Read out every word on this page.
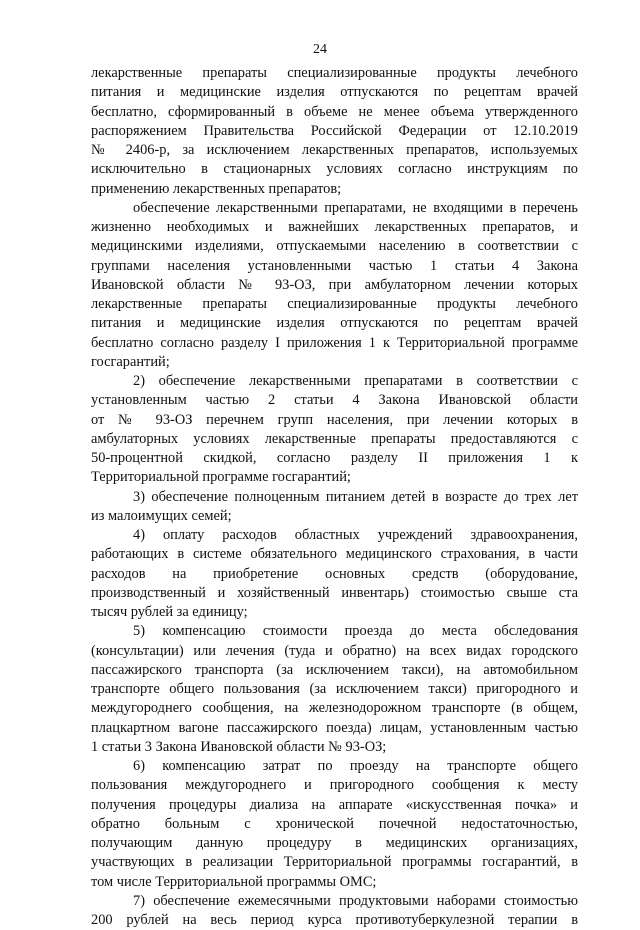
24
лекарственные препараты специализированные продукты лечебного
питания и медицинские изделия отпускаются по рецептам врачей
бесплатно, сформированный в объеме не менее объема утвержденного
распоряжением Правительства Российской Федерации от 12.10.2019
№ 2406-р, за исключением лекарственных препаратов, используемых
исключительно в стационарных условиях согласно инструкциям по
применению лекарственных препаратов;
обеспечение лекарственными препаратами, не входящими в перечень
жизненно необходимых и важнейших лекарственных препаратов, и
медицинскими изделиями, отпускаемыми населению в соответствии с
группами населения установленными частью 1 статьи 4 Закона
Ивановской области № 93-ОЗ, при амбулаторном лечении которых
лекарственные препараты специализированные продукты лечебного
питания и медицинские изделия отпускаются по рецептам врачей
бесплатно согласно разделу I приложения 1 к Территориальной программе
госгарантий;
2) обеспечение лекарственными препаратами в соответствии с
установленным частью 2 статьи 4 Закона Ивановской области
от № 93-ОЗ перечнем групп населения, при лечении которых в
амбулаторных условиях лекарственные препараты предоставляются с
50-процентной скидкой, согласно разделу II приложения 1 к
Территориальной программе госгарантий;
3) обеспечение полноценным питанием детей в возрасте до трех лет
из малоимущих семей;
4) оплату расходов областных учреждений здравоохранения,
работающих в системе обязательного медицинского страхования, в части
расходов на приобретение основных средств (оборудование,
производственный и хозяйственный инвентарь) стоимостью свыше ста
тысяч рублей за единицу;
5) компенсацию стоимости проезда до места обследования
(консультации) или лечения (туда и обратно) на всех видах городского
пассажирского транспорта (за исключением такси), на автомобильном
транспорте общего пользования (за исключением такси) пригородного и
междугороднего сообщения, на железнодорожном транспорте (в общем,
плацкартном вагоне пассажирского поезда) лицам, установленным частью
1 статьи 3 Закона Ивановской области № 93-ОЗ;
6) компенсацию затрат по проезду на транспорте общего
пользования междугороднего и пригородного сообщения к месту
получения процедуры диализа на аппарате «искусственная почка» и
обратно больным с хронической почечной недостаточностью,
получающим данную процедуру в медицинских организациях,
участвующих в реализации Территориальной программы госгарантий, в
том числе Территориальной программы ОМС;
7) обеспечение ежемесячными продуктовыми наборами стоимостью
200 рублей на весь период курса противотуберкулезной терапии в
